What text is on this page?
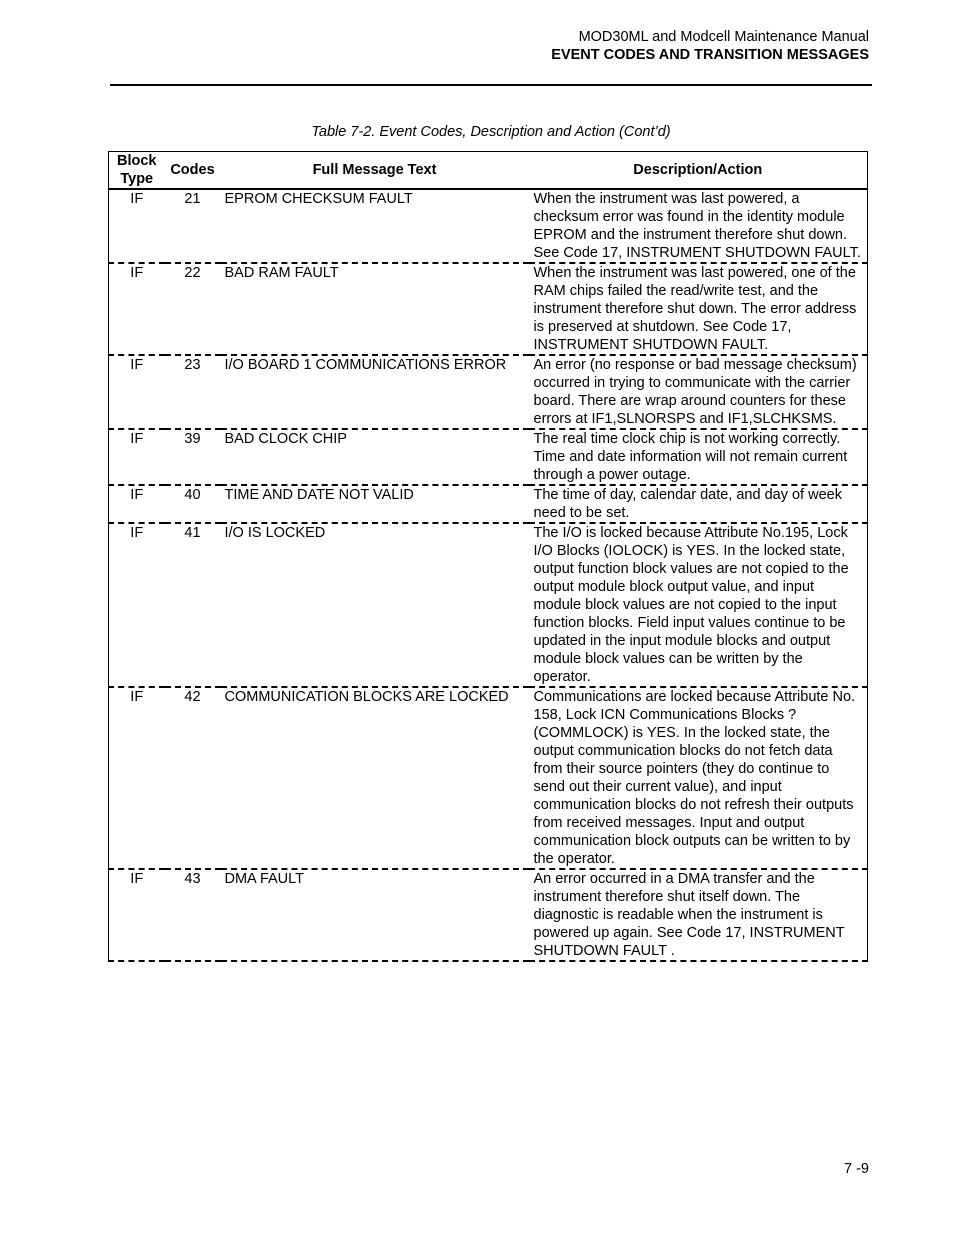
MOD30ML and Modcell Maintenance Manual
EVENT CODES AND TRANSITION MESSAGES
Table 7-2. Event Codes, Description and Action (Cont’d)
Block
Type	Codes	Full Message Text	Description/Action
IF	21	EPROM CHECKSUM FAULT	When the instrument was last powered, a checksum error was found in the identity module EPROM and the instrument therefore shut down. See Code 17, INSTRUMENT SHUTDOWN FAULT.
IF	22	BAD RAM FAULT	When the instrument was last powered, one of the RAM chips failed the read/write test, and the instrument therefore shut down. The error address is preserved at shutdown. See Code 17, INSTRUMENT SHUTDOWN FAULT.
IF	23	I/O BOARD 1 COMMUNICATIONS ERROR	An error (no response or bad message checksum) occurred in trying to communicate with the carrier board. There are wrap around counters for these errors at IF1,SLNORSPS and IF1,SLCHKSMS.
IF	39	BAD CLOCK CHIP	The real time clock chip is not working correctly. Time and date information will not remain current through a power outage.
IF	40	TIME AND DATE NOT VALID	The time of day, calendar date, and day of week need to be set.
IF	41	I/O IS LOCKED	The I/O is locked because Attribute No.195, Lock I/O Blocks (IOLOCK) is YES. In the locked state, output function block values are not copied to the output module block output value, and input module block values are not copied to the input function blocks. Field input values continue to be updated in the input module blocks and output module block values can be written by the operator.
IF	42	COMMUNICATION BLOCKS ARE LOCKED	Communications are locked because Attribute No. 158, Lock ICN Communications Blocks ? (COMMLOCK) is YES. In the locked state, the output communication blocks do not fetch data from their source pointers (they do continue to send out their current value), and input communication blocks do not refresh their outputs from received messages. Input and output communication block outputs can be written to by the operator.
IF	43	DMA FAULT	An error occurred in a DMA transfer and the instrument therefore shut itself down. The diagnostic is readable when the instrument is powered up again. See Code 17, INSTRUMENT SHUTDOWN FAULT .
7 -9
